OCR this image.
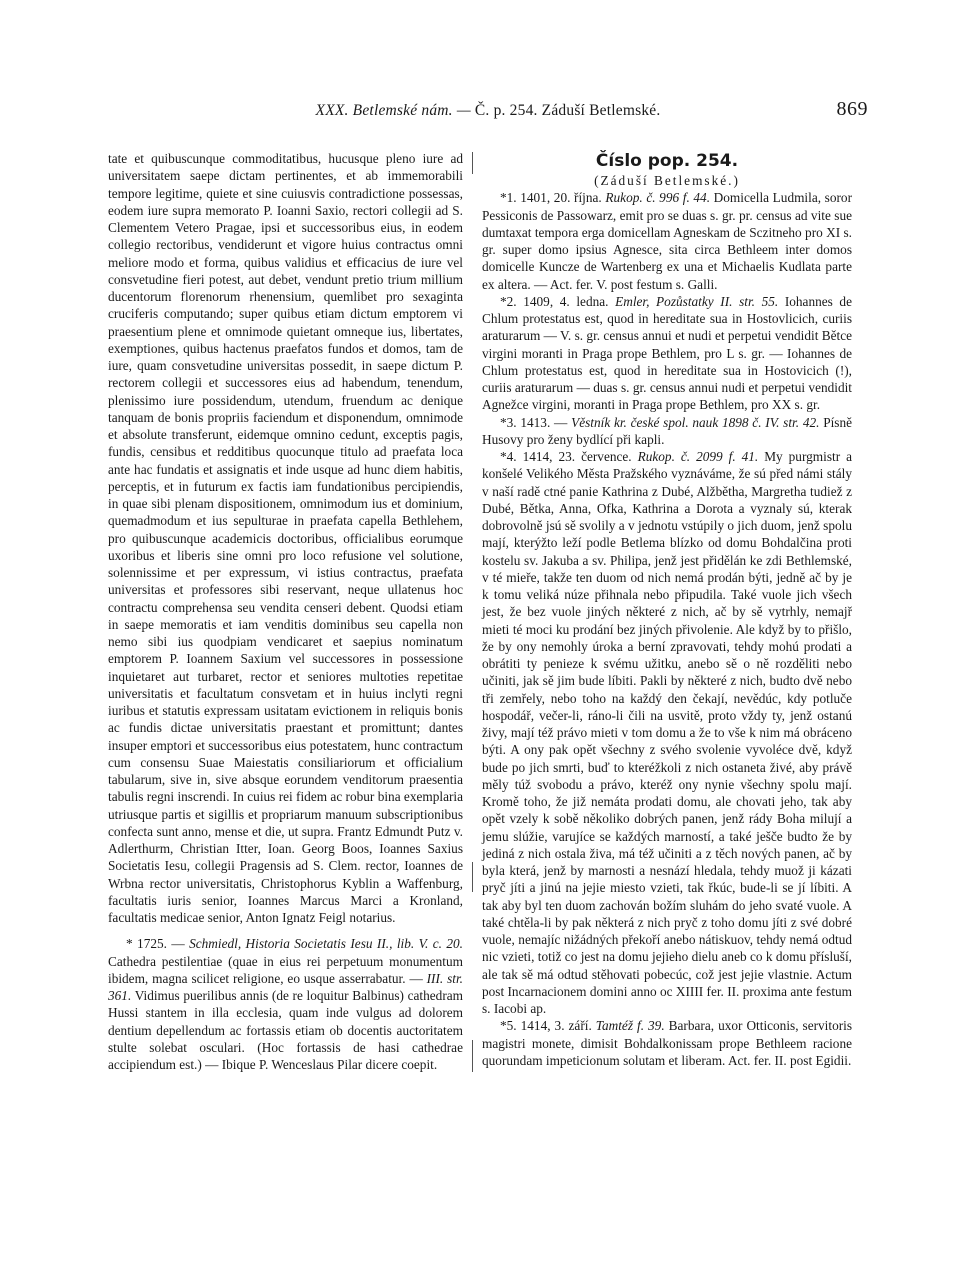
XXX. Betlemské nám. — Č. p. 254. Záduší Betlemské.	869

tate et quibuscunque commoditatibus, hucusque pleno iure ad universitatem saepe dictam pertinentes, et ab immemorabili tempore legitime, quiete et sine cuiusvis contradictione possessas, eodem iure supra memorato P. Ioanni Saxio, rectori collegii ad S. Clementem Vetero Pragae, ipsi et successoribus eius, in eodem collegio rectoribus, vendiderunt et vigore huius contractus omni meliore modo et forma, quibus validius et efficacius de iure vel consvetudine fieri potest, aut debet, vendunt pretio trium millium ducentorum florenorum rhenensium, quemlibet pro sexaginta cruciferis computando; super quibus etiam dictum emptorem vi praesentium plene et omnimode quietant omneque ius, libertates, exemptiones, quibus hactenus praefatos fundos et domos, tam de iure, quam consvetudine universitas possedit, in saepe dictum P. rectorem collegii et successores eius ad habendum, tenendum, plenissimo iure possidendum, utendum, fruendum ac denique tanquam de bonis propriis faciendum et disponendum, omnimode et absolute transferunt, eidemque omnino cedunt, exceptis pagis, fundis, censibus et redditibus quocunque titulo ad praefata loca ante hac fundatis et assignatis et inde usque ad hunc diem habitis, perceptis, et in futurum ex factis iam fundationibus percipiendis, in quae sibi plenam dispositionem, omnimodum ius et dominium, quemadmodum et ius sepulturae in praefata capella Bethlehem, pro quibuscunque academicis doctoribus, officialibus eorumque uxoribus et liberis sine omni pro loco refusione vel solutione, solennissime et per expressum, vi istius contractus, praefata universitas et professores sibi reservant, neque ullatenus hoc contractu comprehensa seu vendita censeri debent. Quodsi etiam in saepe memoratis et iam venditis dominibus seu capella non nemo sibi ius quodpiam vendicaret et saepius nominatum emptorem P. Ioannem Saxium vel successores in possessione inquietaret aut turbaret, rector et seniores multoties repetitae universitatis et facultatum consvetam et in huius inclyti regni iuribus et statutis expressam usitatam evictionem in reliquis bonis ac fundis dictae universitatis praestant et promittunt; dantes insuper emptori et successoribus eius potestatem, hunc contractum cum consensu Suae Maiestatis consiliariorum et officialium tabularum, sive in, sive absque eorundem venditorum praesentia tabulis regni inscrendi. In cuius rei fidem ac robur bina exemplaria utriusque partis et sigillis et propriarum manuum subscriptionibus confecta sunt anno, mense et die, ut supra. Frantz Edmundt Putz v. Adlerthurm, Christian Itter, Ioan. Georg Boos, Ioannes Saxius Societatis Iesu, collegii Pragensis ad S. Clem. rector, Ioannes de Wrbna rector universitatis, Christophorus Kyblin a Waffenburg, facultatis iuris senior, Ioannes Marcus Marci a Kronland, facultatis medicae senior, Anton Ignatz Feigl notarius.

* 1725. — Schmiedl, Historia Societatis Iesu II., lib. V. c. 20. Cathedra pestilentiae (quae in eius rei perpetuum monumentum ibidem, magna scilicet religione, eo usque asserrabatur. — III. str. 361. Vidimus puerilibus annis (de re loquitur Balbinus) cathedram Hussi stantem in illa ecclesia, quam inde vulgus ad dolorem dentium depellendum ac fortassis etiam ob docentis auctoritatem stulte solebat osculari. (Hoc fortassis de hasi cathedrae accipiendum est.) — Ibique P. Wenceslaus Pilar dicere coepit.

Číslo pop. 254.

(Záduší Betlemské.)

*1. 1401, 20. října. Rukop. č. 996 f. 44. Domicella Ludmila, soror Pessiconis de Passowarz, emit pro se duas s. gr. pr. census ad vite sue dumtaxat tempora erga domicellam Agneskam de Sczitneho pro XI s. gr. super domo ipsius Agnesce, sita circa Bethleem inter domos domicelle Kuncze de Wartenberg ex una et Michaelis Kudlata parte ex altera. — Act. fer. V. post festum s. Galli.

*2. 1409, 4. ledna. Emler, Pozůstatky II. str. 55. Iohannes de Chlum protestatus est, quod in hereditate sua in Hostovlicich, curiis araturarum — V. s. gr. census annui et nudi et perpetui vendidit Bětce virgini moranti in Praga prope Bethlem, pro L s. gr. — Iohannes de Chlum protestatus est, quod in hereditate sua in Hostovicich (!), curiis araturarum — duas s. gr. census annui nudi et perpetui vendidit Agnežce virgini, moranti in Praga prope Bethlem, pro XX s. gr.

*3. 1413. — Věstník kr. české spol. nauk 1898 č. IV. str. 42. Písně Husovy pro ženy bydlící při kapli.

*4. 1414, 23. července. Rukop. č. 2099 f. 41. My purgmistr a konšelé Velikého Města Pražského vyznáváme, že sú před námi stály v naší radě ctné panie Kathrina z Dubé, Alžběthа, Margretha tudiež z Dubé, Bětka, Anna, Ofka, Kathrina a Dorota a vyznaly sú, kterak dobrovolně jsú sě svolily a v jednotu vstúpily o jich duom, jenž spolu mají, kterýžto leží podle Betlema blízko od domu Bohdalčina proti kostelu sv. Jakuba a sv. Philipa, jenž jest přidělán ke zdi Bethlemské, v té mieře, takže ten duom od nich nemá prodán býti, jedně ač by je k tomu veliká núze přihnala nebo připudila. Také vuole jich všech jest, že bez vuole jiných některé z nich, ač by sě vytrhly, nemajř mieti té moci ku prodání bez jiných přivolenie. Ale když by to přišlo, že by ony nemohly úroka a berní zpravovati, tehdy mohú prodati a obrátiti ty peniezе k svému užitku, anebo sě o ně rozděliti nebo učiniti, jak sě jim bude líbiti. Pakli by některé z nich, budto dvě nebo tři zemřely, nebo toho na každý den čekají, nevědúc, kdy potluče hospodář, večer-li, ráno-li čili na usvitě, proto vždy ty, jenž ostanú živy, mají též právo mieti v tom domu a že to vše k nim má obráceno býti. A ony pak opět všechny z svého svolenie vyvolécе dvě, když bude po jich smrti, buď to kteréžkoli z nich ostaneta živé, aby právě měly túž svobodu a právo, kteréž ony nynie všechny spolu mají. Kromě toho, že již nemáta prodati domu, ale chovati jeho, tak aby opět vzely k sobě několiko dobrých panen, jenž rády Boha milují a jemu slúžie, varujíce se každých marností, a také ješče budto že by jediná z nich ostala živa, má též učiniti a z těch nových panen, ač by byla která, jenž by marnosti a nesnází hledala, tehdy muož ji kázati pryč jíti a jinú na jejie miesto vzieti, tak řkúc, bude-li se jí líbiti. A tak aby byl ten duom zachován božím sluhám do jeho svaté vuole. A také chtěla-li by pak některá z nich pryč z toho domu jíti z své dobré vuole, nemajíc nižádných překoří anebo nátiskuov, tehdy nemá odtud nic vzieti, totiž co jest na domu jejieho dielu aneb co k domu přísluší, ale tak sě má odtud stěhovati pobecúc, což jest jejie vlastnie. Actum post Incarnacionem domini anno oc XIIII fer. II. proxima ante festum s. Iacobi ap.

*5. 1414, 3. září. Tamtéž f. 39. Barbara, uxor Otticonis, servitoris magistri monete, dimisit Bohdalkonissam prope Bethleem racione quorundam impeticionum solutam et liberam. Act. fer. II. post Egidii.
